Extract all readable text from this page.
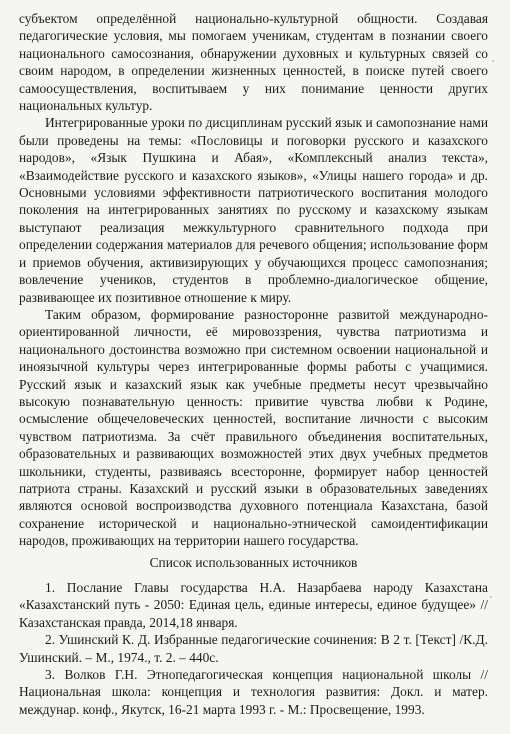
субъектом определённой национально-культурной общности. Создавая педагогические условия, мы помогаем ученикам, студентам в познании своего национального самосознания, обнаружении духовных и культурных связей со своим народом, в определении жизненных ценностей, в поиске путей своего самоосуществления, воспитываем у них понимание ценности других национальных культур.

Интегрированные уроки по дисциплинам русский язык и самопознание нами были проведены на темы: «Пословицы и поговорки русского и казахского народов», «Язык Пушкина и Абая», «Комплексный анализ текста», «Взаимодействие русского и казахского языков», «Улицы нашего города» и др. Основными условиями эффективности патриотического воспитания молодого поколения на интегрированных занятиях по русскому и казахскому языкам выступают реализация межкультурного сравнительного подхода при определении содержания материалов для речевого общения; использование форм и приемов обучения, активизирующих у обучающихся процесс самопознания; вовлечение учеников, студентов в проблемно-диалогическое общение, развивающее их позитивное отношение к миру.

Таким образом, формирование разносторонне развитой международно-ориентированной личности, её мировоззрения, чувства патриотизма и национального достоинства возможно при системном освоении национальной и иноязычной культуры через интегрированные формы работы с учащимися. Русский язык и казахский язык как учебные предметы несут чрезвычайно высокую познавательную ценность: привитие чувства любви к Родине, осмысление общечеловеческих ценностей, воспитание личности с высоким чувством патриотизма. За счёт правильного объединения воспитательных, образовательных и развивающих возможностей этих двух учебных предметов школьники, студенты, развиваясь всесторонне, формирует набор ценностей патриота страны. Казахский и русский языки в образовательных заведениях являются основой воспроизводства духовного потенциала Казахстана, базой сохранение исторической и национально-этнической самоидентификации народов, проживающих на территории нашего государства.

Список использованных источников

1. Послание Главы государства Н.А. Назарбаева народу Казахстана «Казахстанский путь - 2050: Единая цель, единые интересы, единое будущее» //Казахстанская правда, 2014,18 января.

2. Ушинский К. Д. Избранные педагогические сочинения: В 2 т. [Текст] /К.Д. Ушинский. – М., 1974., т. 2. – 440с.

3. Волков Г.Н. Этнопедагогическая концепция национальной школы // Национальная школа: концепция и технология развития: Докл. и матер. междунар. конф., Якутск, 16-21 марта 1993 г. - М.: Просвещение, 1993.
